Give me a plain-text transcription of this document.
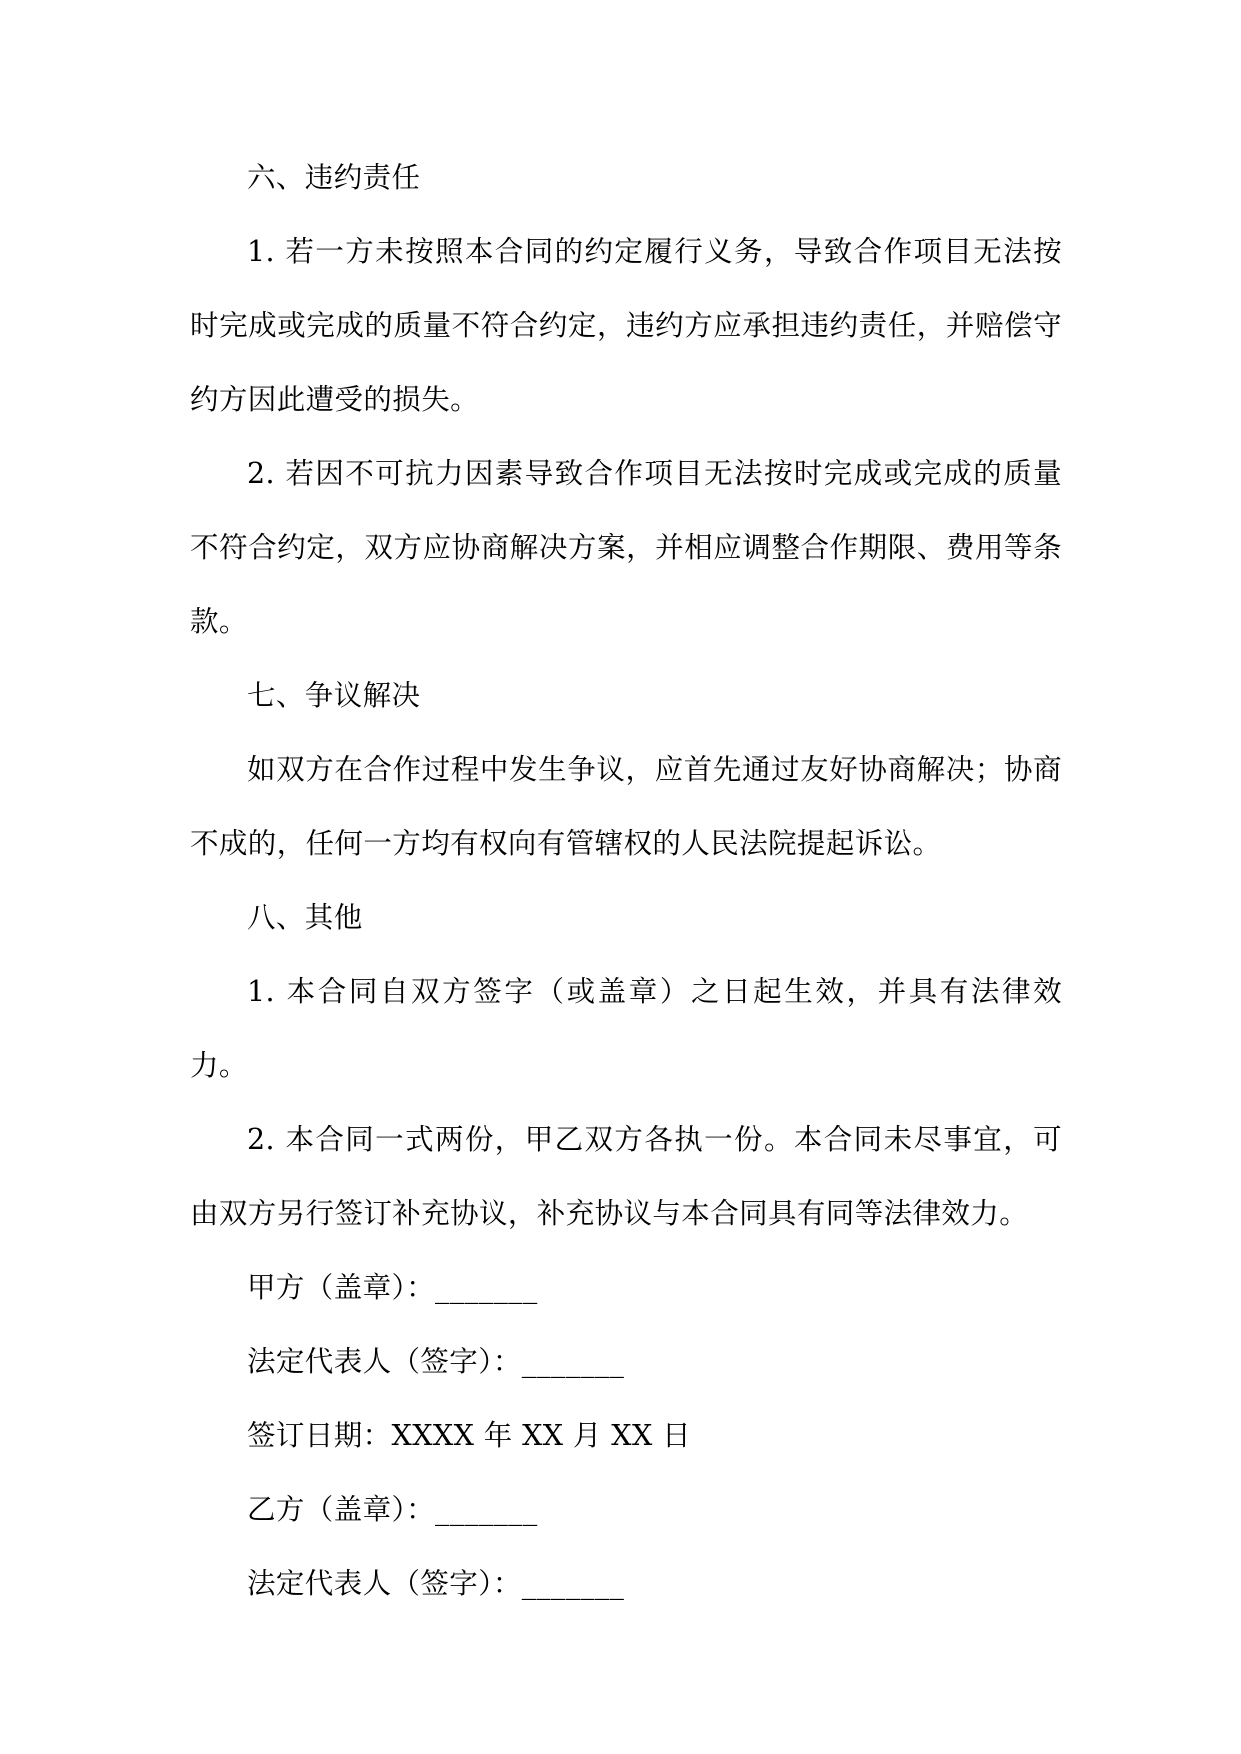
六、违约责任

1. 若一方未按照本合同的约定履行义务，导致合作项目无法按时完成或完成的质量不符合约定，违约方应承担违约责任，并赔偿守约方因此遭受的损失。

2. 若因不可抗力因素导致合作项目无法按时完成或完成的质量不符合约定，双方应协商解决方案，并相应调整合作期限、费用等条款。

七、争议解决

如双方在合作过程中发生争议，应首先通过友好协商解决；协商不成的，任何一方均有权向有管辖权的人民法院提起诉讼。

八、其他

1. 本合同自双方签字（或盖章）之日起生效，并具有法律效力。

2. 本合同一式两份，甲乙双方各执一份。本合同未尽事宜，可由双方另行签订补充协议，补充协议与本合同具有同等法律效力。

甲方（盖章）：_______

法定代表人（签字）：_______

签订日期：XXXX 年 XX 月 XX 日

乙方（盖章）：_______

法定代表人（签字）：_______
